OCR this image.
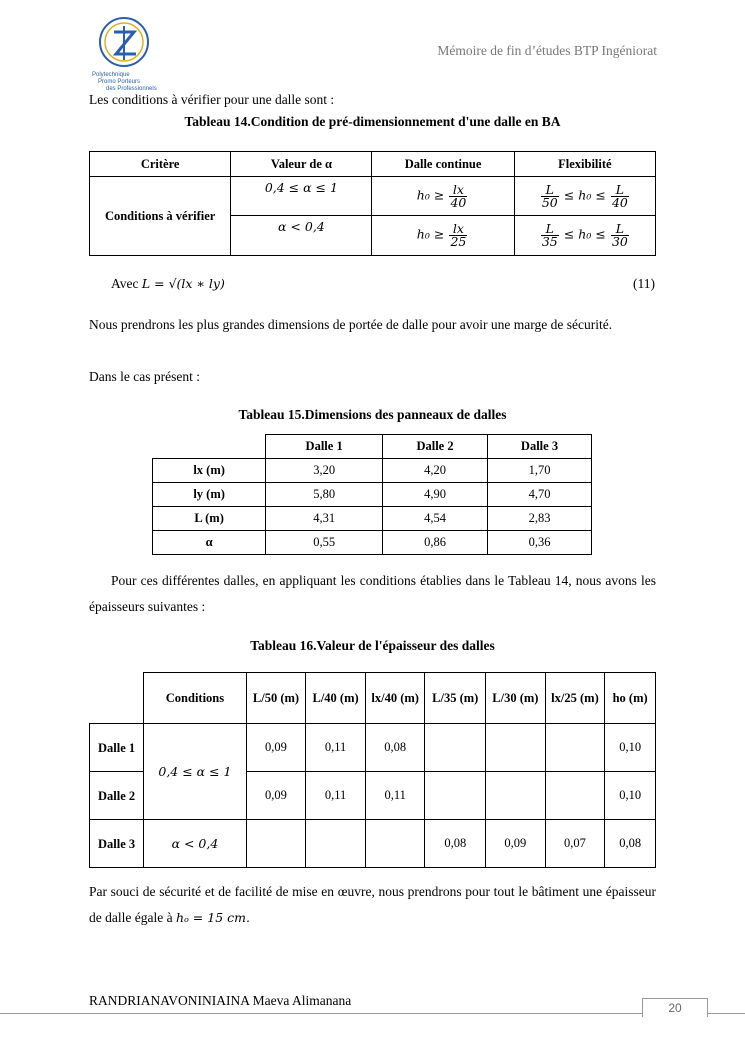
Polytechnique
Promo Porteurs
des Professionnels
Mémoire de fin d’études BTP Ingéniorat
Les conditions à vérifier pour une dalle sont :
Tableau 14.Condition de pré-dimensionnement d'une dalle en BA
Critère	Valeur de α	Dalle continue	Flexibilité
Conditions à vérifier	0,4 ≤ α ≤ 1	$h_0 \ge \frac{lx}{40}$	$\frac{L}{50} \le h_0 \le \frac{L}{40}$

	α < 0,4	$h_0 \ge \frac{lx}{25}$	$\frac{L}{35} \le h_0 \le \frac{L}{30}$
Avec L = √(lx ∗ ly)	(11)
Nous prendrons les plus grandes dimensions de portée de dalle pour avoir une marge de sécurité.
Dans le cas présent :
Tableau 15.Dimensions des panneaux de dalles
	Dalle 1	Dalle 2	Dalle 3
lx (m)	3,20	4,20	1,70
ly (m)	5,80	4,90	4,70
L (m)	4,31	4,54	2,83
α	0,55	0,86	0,36
Pour ces différentes dalles, en appliquant les conditions établies dans le Tableau 14, nous avons les épaisseurs suivantes :
Tableau 16.Valeur de l'épaisseur des dalles
	Conditions	L/50 (m)	L/40 (m)	lx/40 (m)	L/35 (m)	L/30 (m)	lx/25 (m)	ho (m)
Dalle 1	0,4 ≤ α ≤ 1	0,09	0,11	0,08				0,10
Dalle 2		0,09	0,11	0,11				0,10
Dalle 3	α < 0,4				0,08	0,09	0,07	0,08
Par souci de sécurité et de facilité de mise en œuvre, nous prendrons pour tout le bâtiment une épaisseur de dalle égale à hₒ = 15 cm.
RANDRIANAVONINIAINA Maeva Alimanana	20
